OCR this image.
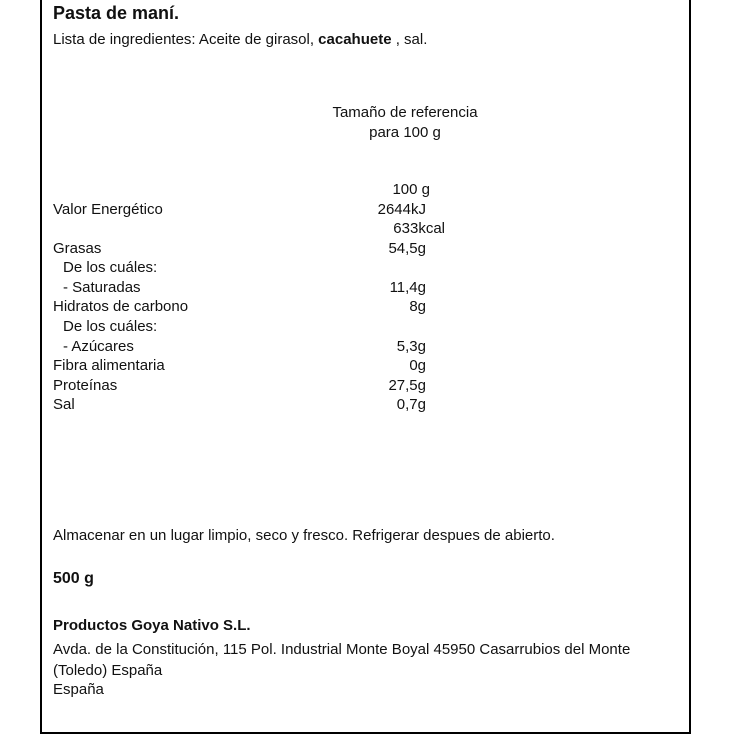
Pasta de maní.
Lista de ingredientes: Aceite de girasol, cacahuete , sal.
Tamaño de referencia
para 100 g
100 g
Valor Energético	2644kJ
633kcal
Grasas	54,5g
De los cuáles:
- Saturadas	11,4g
Hidratos de carbono	8g
De los cuáles:
- Azúcares	5,3g
Fibra alimentaria	0g
Proteínas	27,5g
Sal	0,7g
Almacenar en un lugar limpio, seco y fresco. Refrigerar despues de abierto.
500 g
Productos Goya Nativo S.L.
Avda. de la Constitución, 115 Pol. Industrial Monte Boyal 45950 Casarrubios del Monte (Toledo) España
España
